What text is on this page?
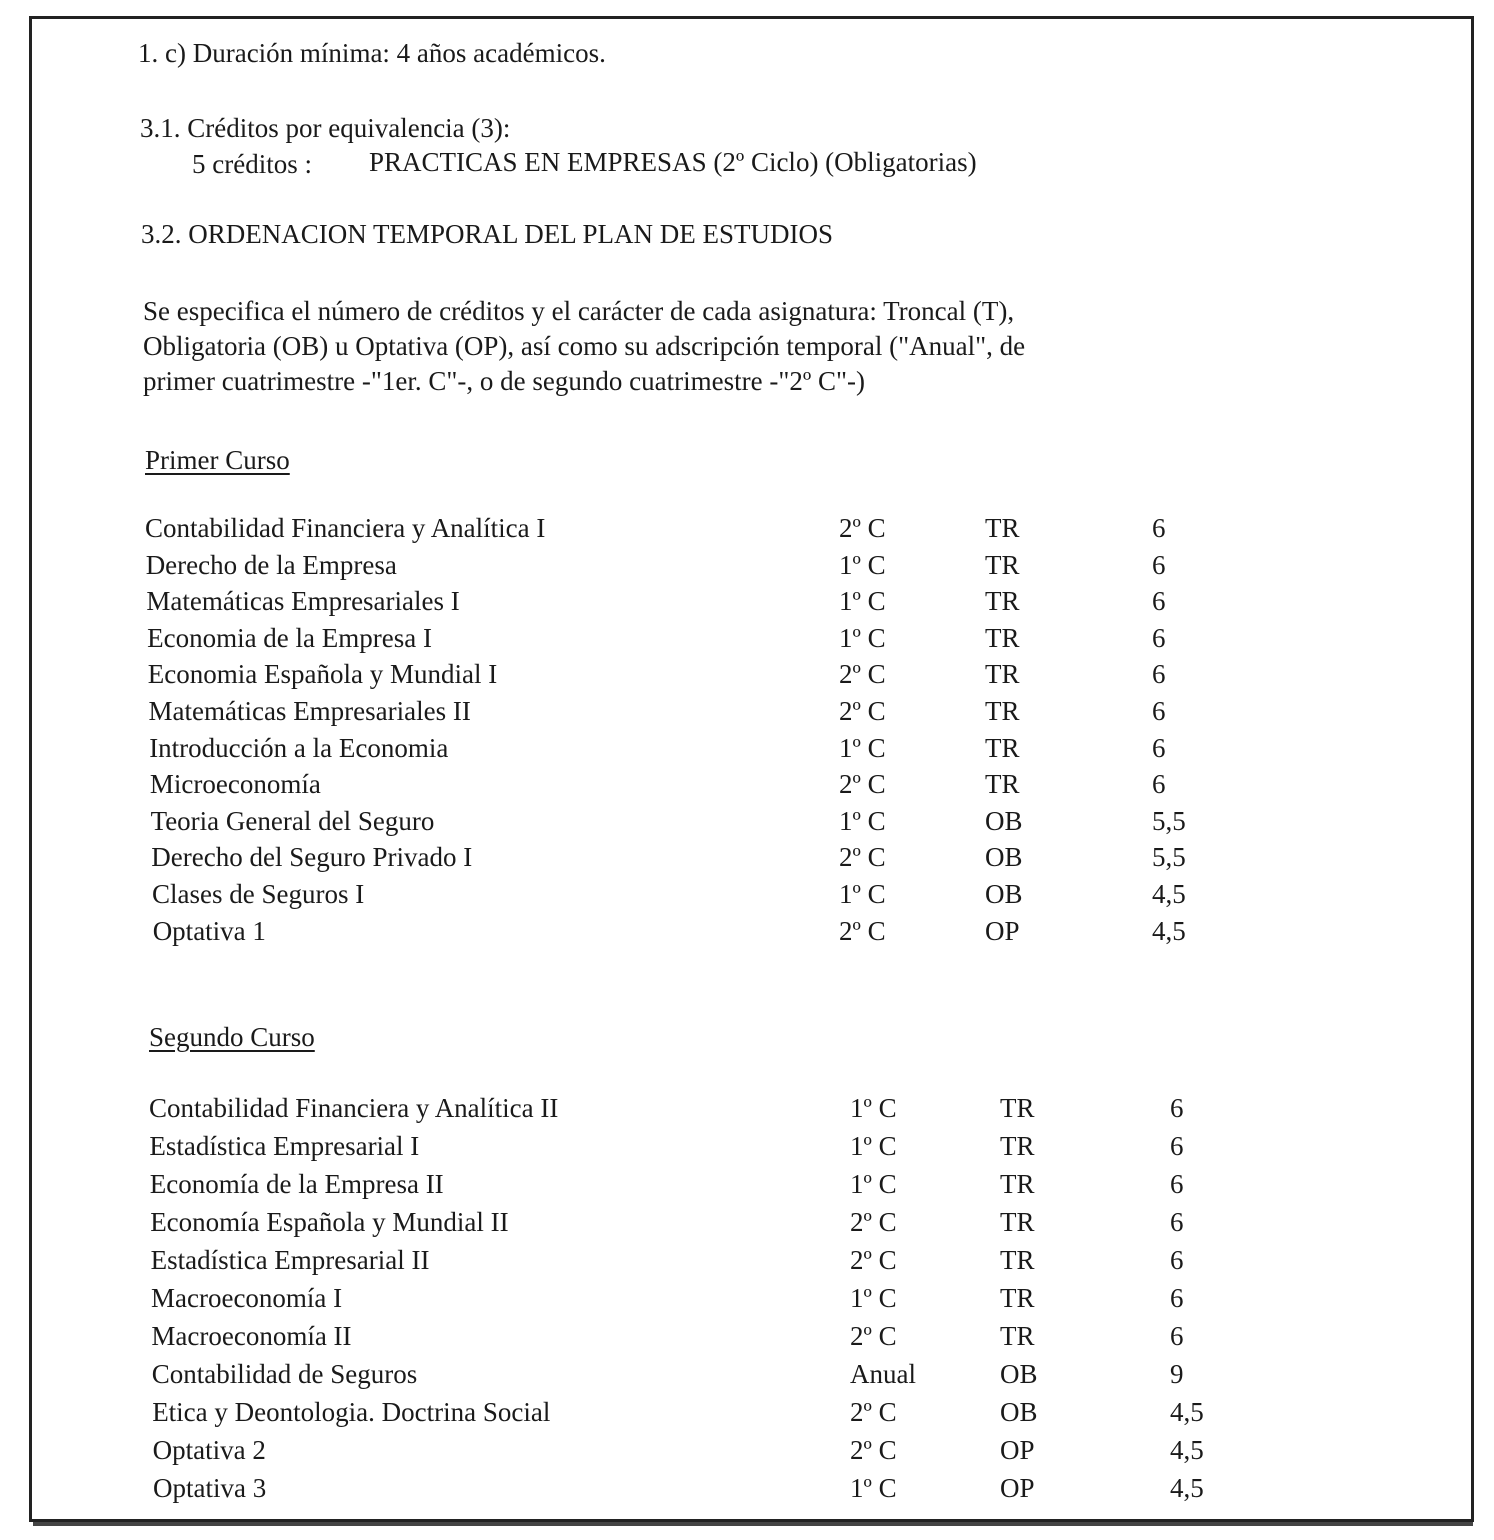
1. c) Duración mínima: 4 años académicos.
3.1. Créditos por equivalencia (3):
5 créditos : PRACTICAS EN EMPRESAS (2º Ciclo) (Obligatorias)
3.2. ORDENACION TEMPORAL DEL PLAN DE ESTUDIOS
Se especifica el número de créditos y el carácter de cada asignatura: Troncal (T),
Obligatoria (OB) u Optativa (OP), así como su adscripción temporal ("Anual", de
primer cuatrimestre -"1er. C"-, o de segundo cuatrimestre -"2º C"-)
Primer Curso
Contabilidad Financiera y Analítica I	2º C	TR	6
Derecho de la Empresa	1º C	TR	6
Matemáticas Empresariales I	1º C	TR	6
Economia de la Empresa I	1º C	TR	6
Economia Española y Mundial I	2º C	TR	6
Matemáticas Empresariales II	2º C	TR	6
Introducción a la Economia	1º C	TR	6
Microeconomía	2º C	TR	6
Teoria General del Seguro	1º C	OB	5,5
Derecho del Seguro Privado I	2º C	OB	5,5
Clases de Seguros I	1º C	OB	4,5
Optativa 1	2º C	OP	4,5
Segundo Curso
Contabilidad Financiera y Analítica II	1º C	TR	6
Estadística Empresarial I	1º C	TR	6
Economía de la Empresa II	1º C	TR	6
Economía Española y Mundial II	2º C	TR	6
Estadística Empresarial II	2º C	TR	6
Macroeconomía I	1º C	TR	6
Macroeconomía II	2º C	TR	6
Contabilidad de Seguros	Anual	OB	9
Etica y Deontologia. Doctrina Social	2º C	OB	4,5
Optativa 2	2º C	OP	4,5
Optativa 3	1º C	OP	4,5
